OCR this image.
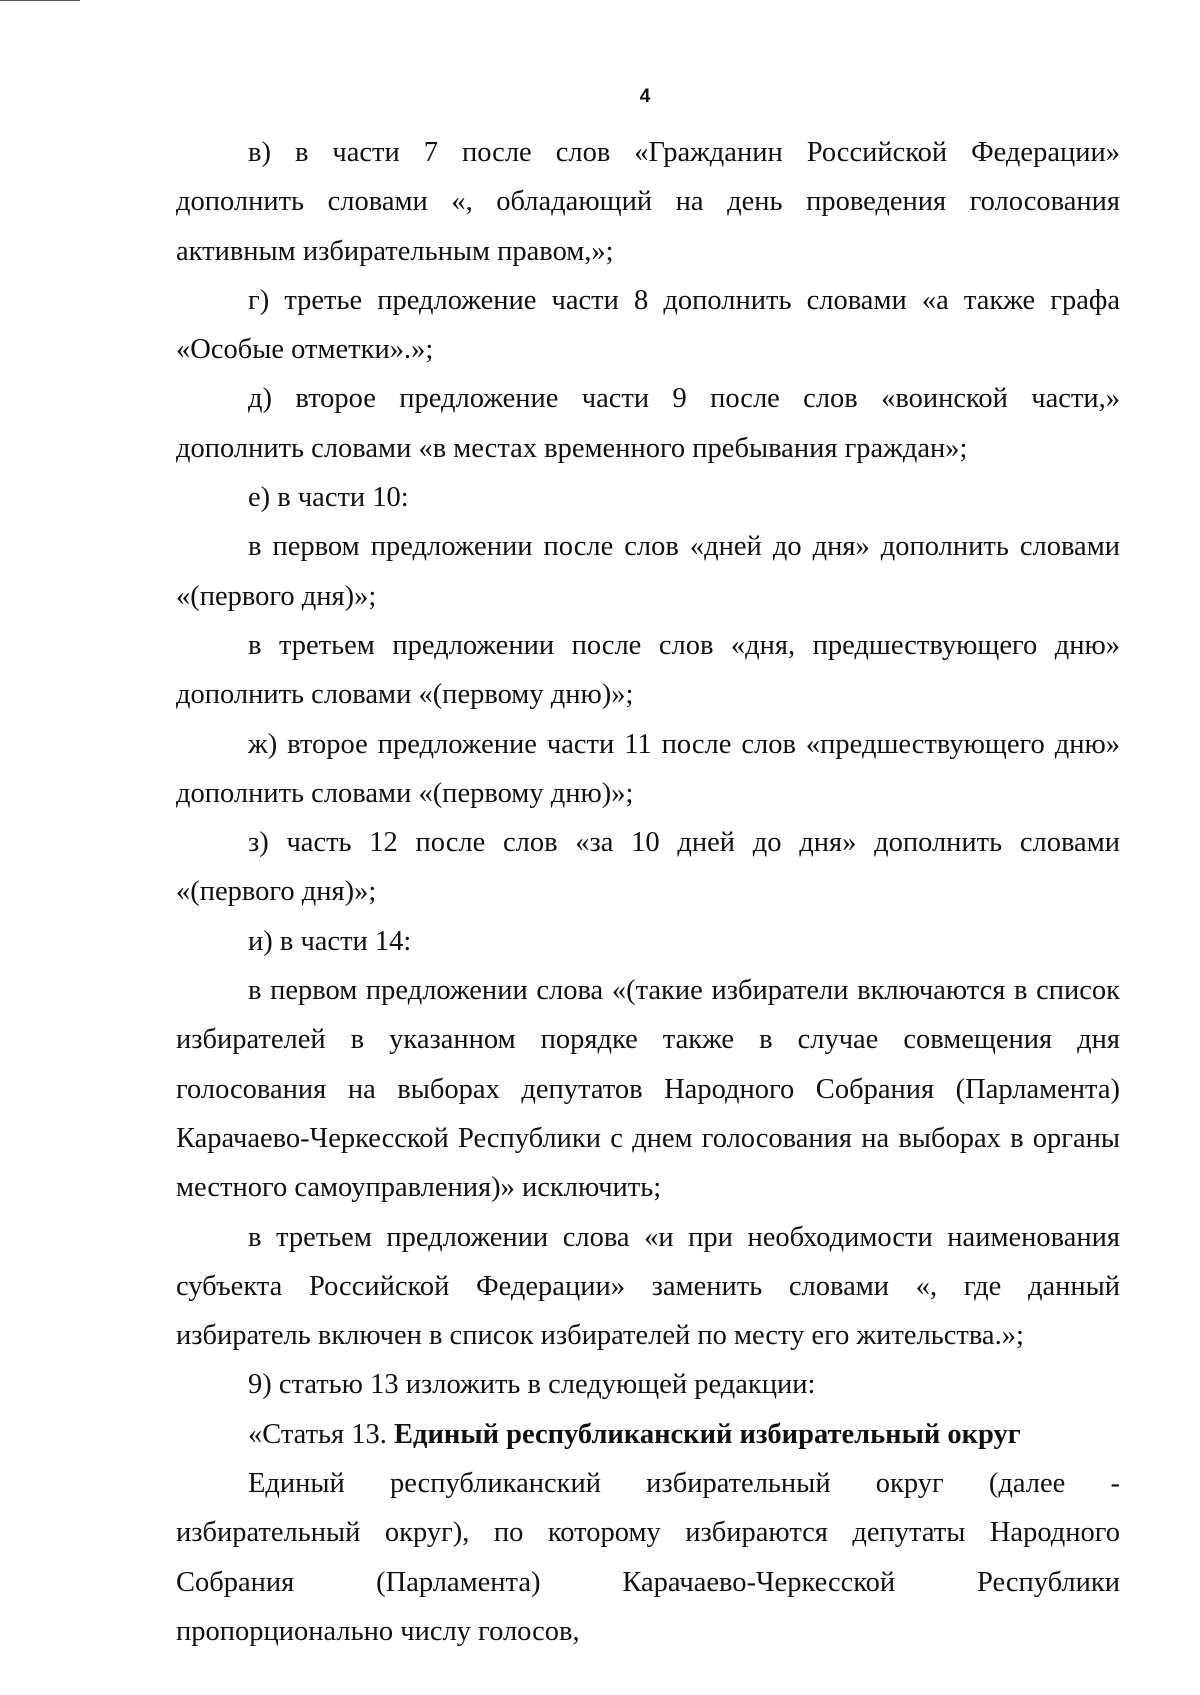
4

в) в части 7 после слов «Гражданин Российской Федерации» дополнить словами «, обладающий на день проведения голосования активным избирательным правом,»;

г) третье предложение части 8 дополнить словами «а также графа «Особые отметки».»;

д) второе предложение части 9 после слов «воинской части,» дополнить словами «в местах временного пребывания граждан»;

е) в части 10:

в первом предложении после слов «дней до дня» дополнить словами «(первого дня)»;

в третьем предложении после слов «дня, предшествующего дню» дополнить словами «(первому дню)»;

ж) второе предложение части 11 после слов «предшествующего дню» дополнить словами «(первому дню)»;

з) часть 12 после слов «за 10 дней до дня» дополнить словами «(первого дня)»;

и) в части 14:

в первом предложении слова «(такие избиратели включаются в список избирателей в указанном порядке также в случае совмещения дня голосования на выборах депутатов Народного Собрания (Парламента) Карачаево-Черкесской Республики с днем голосования на выборах в органы местного самоуправления)» исключить;

в третьем предложении слова «и при необходимости наименования субъекта Российской Федерации» заменить словами «, где данный избиратель включен в список избирателей по месту его жительства.»;

9) статью 13 изложить в следующей редакции:

«Статья 13. Единый республиканский избирательный округ

Единый республиканский избирательный округ (далее - избирательный округ), по которому избираются депутаты Народного Собрания (Парламента) Карачаево-Черкесской Республики пропорционально числу голосов,
